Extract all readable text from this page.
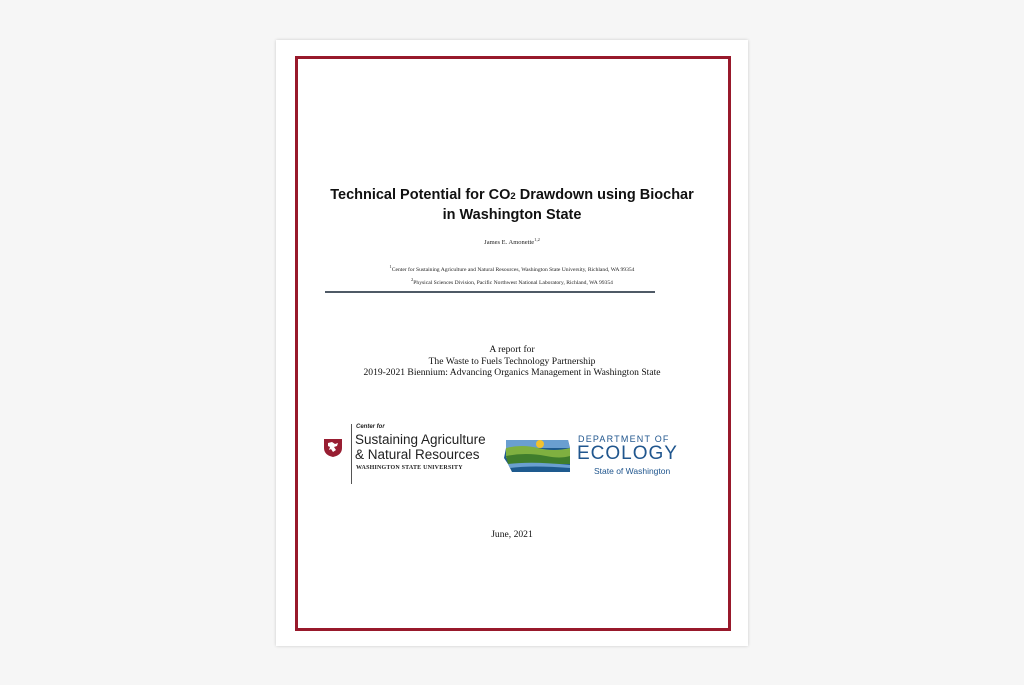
Technical Potential for CO2 Drawdown using Biochar
in Washington State
James E. Amonette$^{1,2}$
$^1$Center for Sustaining Agriculture and Natural Resources, Washington State University, Richland, WA 99354
$^2$Physical Sciences Division, Pacific Northwest National Laboratory, Richland, WA 99354
A report for
The Waste to Fuels Technology Partnership
2019-2021 Biennium: Advancing Organics Management in Washington State
Center for
Sustaining Agriculture
& Natural Resources
WASHINGTON STATE UNIVERSITY
DEPARTMENT OF
ECOLOGY
State of Washington
June, 2021
